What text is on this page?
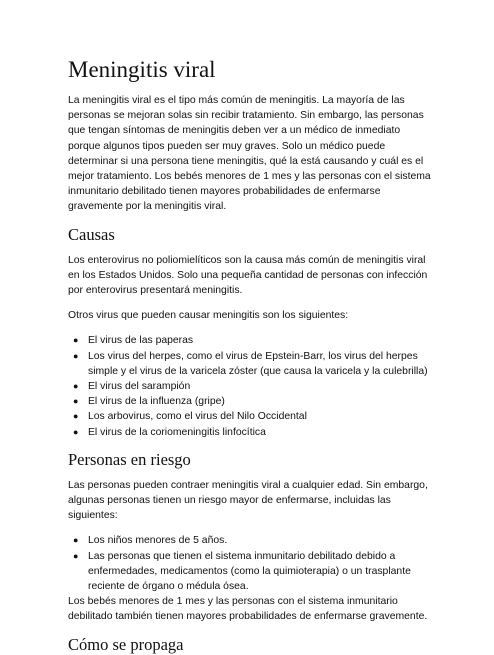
Meningitis viral

La meningitis viral es el tipo más común de meningitis. La mayoría de las personas se mejoran solas sin recibir tratamiento. Sin embargo, las personas que tengan síntomas de meningitis deben ver a un médico de inmediato porque algunos tipos pueden ser muy graves. Solo un médico puede determinar si una persona tiene meningitis, qué la está causando y cuál es el mejor tratamiento. Los bebés menores de 1 mes y las personas con el sistema inmunitario debilitado tienen mayores probabilidades de enfermarse gravemente por la meningitis viral.

Causas

Los enterovirus no poliomielíticos son la causa más común de meningitis viral en los Estados Unidos. Solo una pequeña cantidad de personas con infección por enterovirus presentará meningitis.

Otros virus que pueden causar meningitis son los siguientes:

● El virus de las paperas
● Los virus del herpes, como el virus de Epstein-Barr, los virus del herpes simple y el virus de la varicela zóster (que causa la varicela y la culebrilla)
● El virus del sarampión
● El virus de la influenza (gripe)
● Los arbovirus, como el virus del Nilo Occidental
● El virus de la coriomeningitis linfocítica
Personas en riesgo

Las personas pueden contraer meningitis viral a cualquier edad. Sin embargo, algunas personas tienen un riesgo mayor de enfermarse, incluidas las siguientes:

● Los niños menores de 5 años.
● Las personas que tienen el sistema inmunitario debilitado debido a enfermedades, medicamentos (como la quimioterapia) o un trasplante reciente de órgano o médula ósea.

Los bebés menores de 1 mes y las personas con el sistema inmunitario debilitado también tienen mayores probabilidades de enfermarse gravemente.

Cómo se propaga
